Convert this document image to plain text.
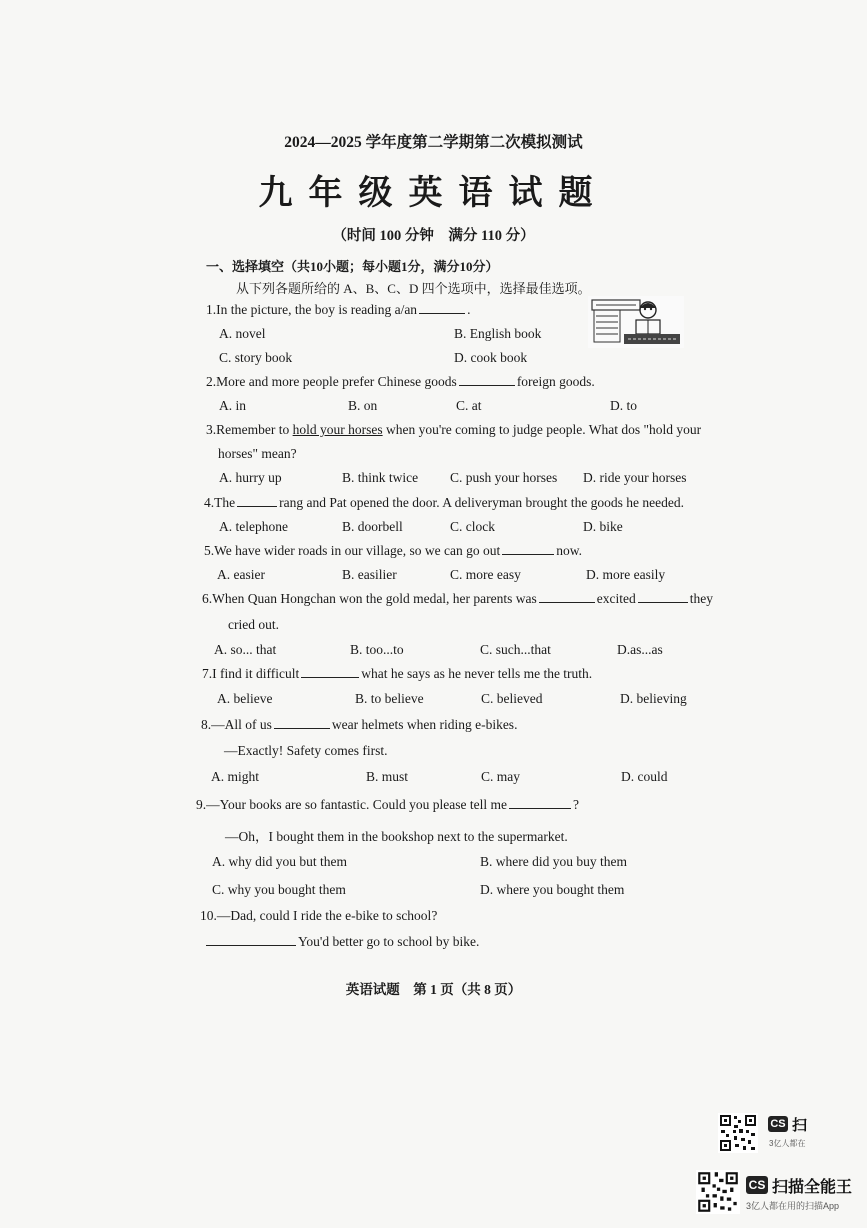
2024—2025 学年度第二学期第二次模拟测试
九年级英语试题
（时间 100 分钟　满分 110 分）
一、选择填空（共10小题；每小题1分，满分10分）
从下列各题所给的 A、B、C、D 四个选项中，选择最佳选项。
1.In the picture, the boy is reading a/an	.
A. novel	B. English book
C. story book	D. cook book
2.More and more people prefer Chinese goods	foreign goods.
A. in	B. on	C. at	D. to
3.Remember to hold your horses when you're coming to judge people. What dos "hold your
horses" mean?
A. hurry up	B. think twice C. push your horses D. ride your horses
4.The	rang and Pat opened the door. A deliveryman brought the goods he needed.
A. telephone	B. doorbell	C. clock	D. bike
5.We have wider roads in our village, so we can go out	now.
A. easier	B. easilier	C. more easy	D. more easily
6.When Quan Hongchan won the gold medal, her parents was	excited	they
cried out.
A. so... that	B. too...to	C. such...that	D.as...as
7.I find it difficult	what he says as he never tells me the truth.
A. believe	B. to believe	C. believed	D. believing
8.—All of us	wear helmets when riding e-bikes.
—Exactly! Safety comes first.
A. might	B. must	C. may	D. could
9.—Your books are so fantastic. Could you please tell me	?
—Oh，I bought them in the bookshop next to the supermarket.
A. why did you but them	B. where did you buy them
C. why you bought them	D. where you bought them
10.—Dad, could I ride the e-bike to school?
You'd better go to school by bike.
英语试题　第 1 页（共 8 页）
CS 扫
3亿人都在
CS 扫描全能王
3亿人都在用的扫描App
